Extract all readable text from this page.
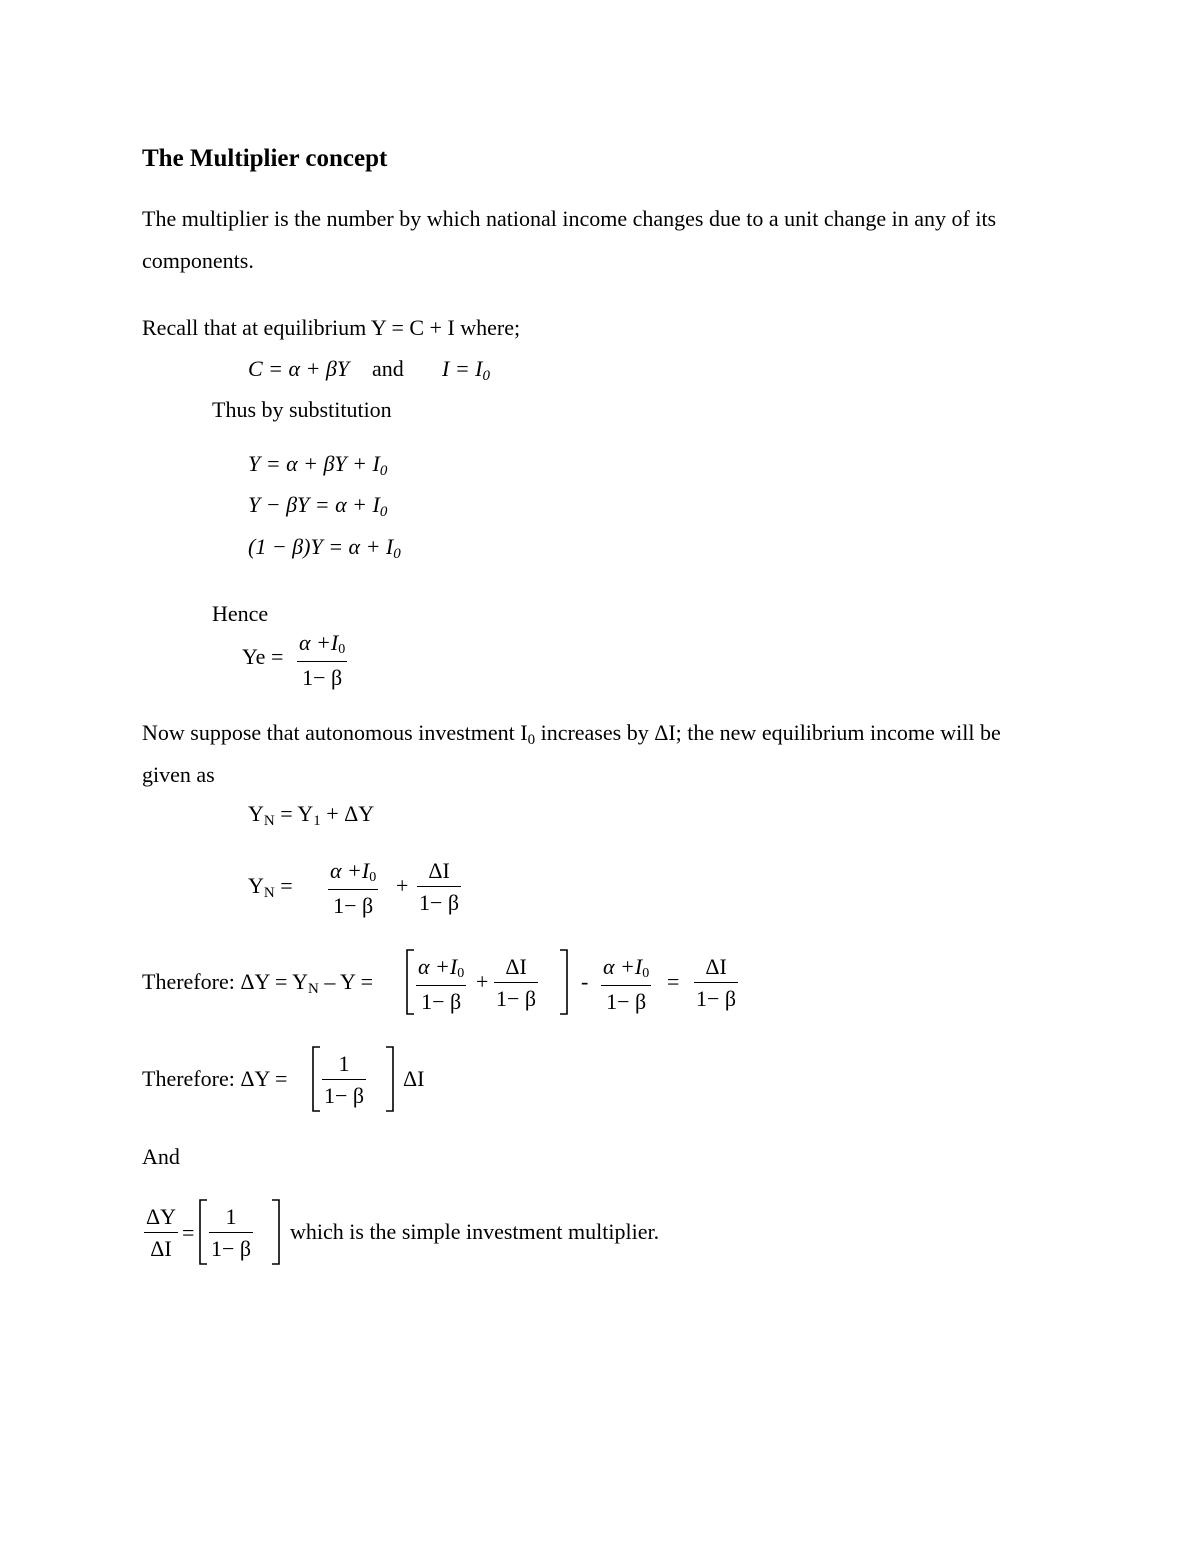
The Multiplier concept
The multiplier is the number by which national income changes due to a unit change in any of its
components.
Recall that at equilibrium Y = C + I where;
C = α + βY and $I = I_0$
Thus by substitution
$Y = \alpha + \beta Y + I_0$
$Y - \beta Y = \alpha + I_0$
$(1 - \beta)Y = \alpha + I_0$
Hence
Ye =
α +I0
1− β
Now suppose that autonomous investment $I_0$ increases by ΔI; the new equilibrium income will be
given as
$Y_N = Y_1 + \Delta Y$
$Y_N$ =
α +I0
1− β
+
ΔI
1− β
Therefore: $\Delta Y = Y_N - Y$ =
α +I0
1− β
+
ΔI
1− β
-
α +I0
1− β
=
ΔI
1− β
Therefore: ΔY =
1
1− β
ΔI
And
ΔY
ΔI
=
1
1− β
which is the simple investment multiplier.
